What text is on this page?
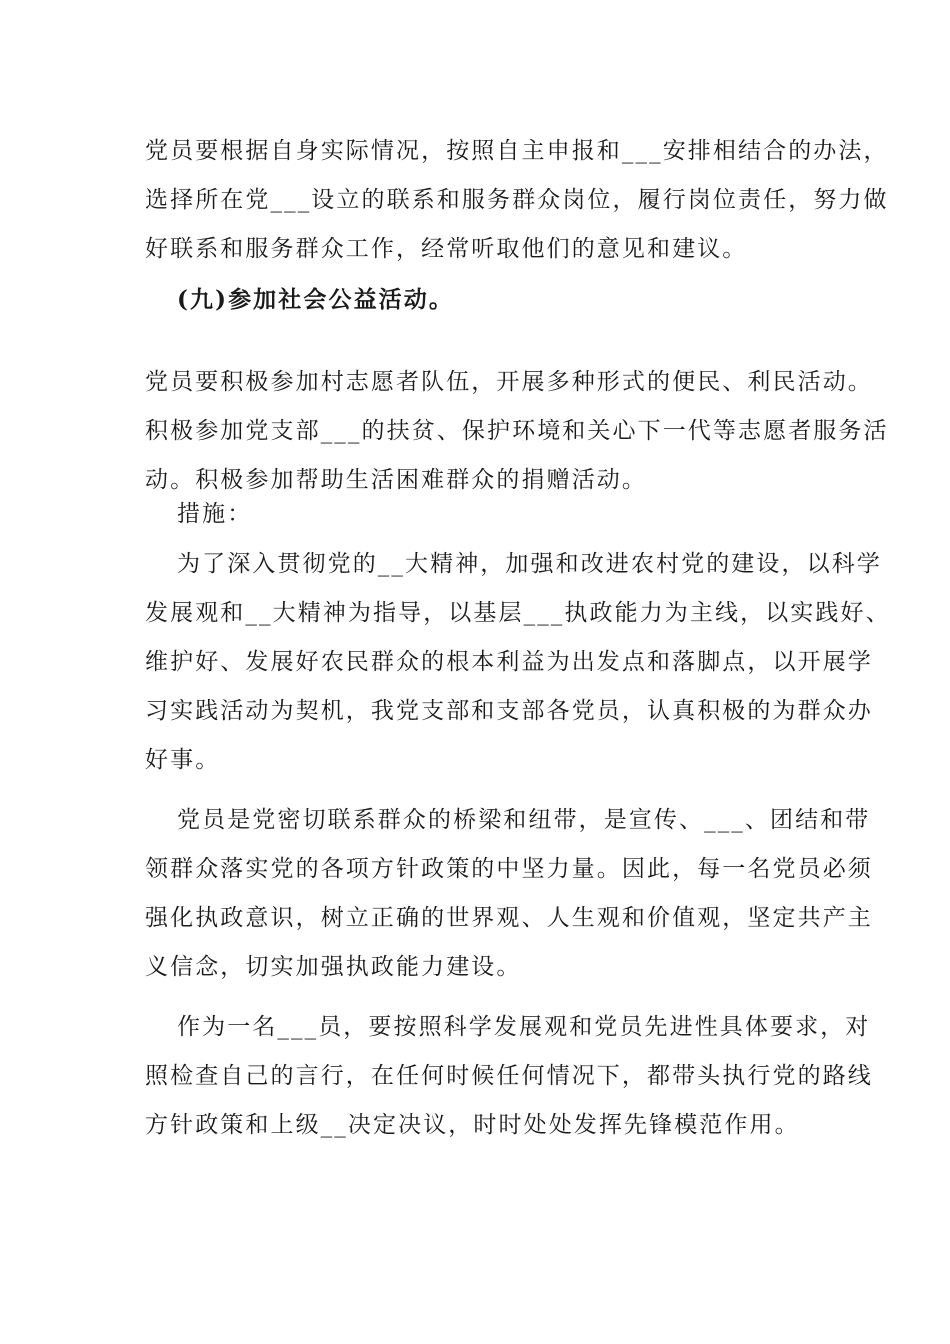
党员要根据自身实际情况，按照自主申报和___安排相结合的办法，
选择所在党___设立的联系和服务群众岗位，履行岗位责任，努力做
好联系和服务群众工作，经常听取他们的意见和建议。

(九)参加社会公益活动。

党员要积极参加村志愿者队伍，开展多种形式的便民、利民活动。
积极参加党支部___的扶贫、保护环境和关心下一代等志愿者服务活
动。积极参加帮助生活困难群众的捐赠活动。

措施：

为了深入贯彻党的__大精神，加强和改进农村党的建设，以科学
发展观和__大精神为指导，以基层___执政能力为主线，以实践好、
维护好、发展好农民群众的根本利益为出发点和落脚点，以开展学
习实践活动为契机，我党支部和支部各党员，认真积极的为群众办
好事。

党员是党密切联系群众的桥梁和纽带，是宣传、___、团结和带
领群众落实党的各项方针政策的中坚力量。因此，每一名党员必须
强化执政意识，树立正确的世界观、人生观和价值观，坚定共产主
义信念，切实加强执政能力建设。

作为一名___员，要按照科学发展观和党员先进性具体要求，对
照检查自己的言行，在任何时候任何情况下，都带头执行党的路线
方针政策和上级__决定决议，时时处处发挥先锋模范作用。
